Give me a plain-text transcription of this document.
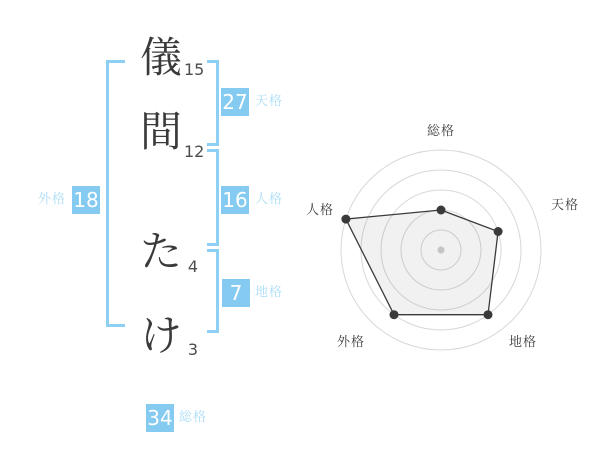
儀
間
た
け
15
12
4
3
27
16
7
18
34
天格
人格
地格
外格
総格
総格
天格
地格
外格
人格
